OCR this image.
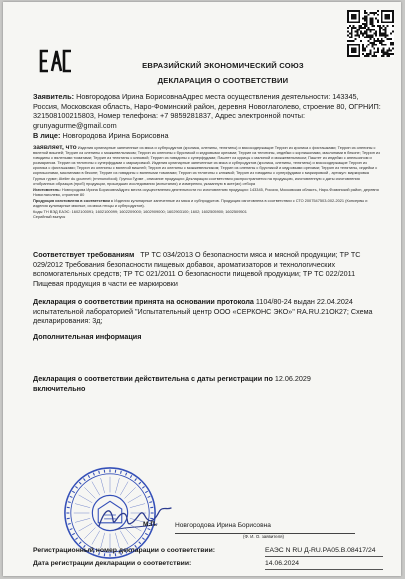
ЕВРАЗИЙСКИЙ ЭКОНОМИЧЕСКИЙ СОЮЗ
ДЕКЛАРАЦИЯ О СООТВЕТСТВИИ

Заявитель: Новгородова Ирина БорисовнаАдрес места осуществления деятельности: 143345, Россия, Московская область, Наро-Фоминский район, деревня Новоглаголево, строение 80, ОГРНИП: 321508100215803, Номер телефона: +7 9859281837, Адрес электронной почты:
grunyagurme@gmail.com

В лице: Новгородова Ирина Борисовна

заявляет, что Изделия кулинарные запеченные из мяса и субпродуктов (кролика, оленины, телятины) и мясосодержащие Террин из кролика с фисташками; Террин из оленины с вяленой вишней; Террин из оленины с можжевельником; Террин из оленины с брусникой и кедровыми орехами; Террин из телятины, индейки с корнишонами, маслинами в беконе; Террин из говядины с вялеными томатами; Террин из телятины с клюквой; Террин из говядины с суперфудами; Паштет из курицы с малиной и можжевельником; Паштет из индейки с апельсином и розмарином. Террин из телятины с суперфудами с маркировкой. Изделия кулинарные запеченные из мяса и субпродуктов (кролика, оленины, телятины) и мясосодержащие Террин из кролика с фисташками; Террин из оленины с вяленой вишней; Террин из оленины с можжевельником; Террин из оленины с брусникой и кедровыми орехами; Террин из телятины, индейки с корнишонами, маслинами в беконе; Террин из говядины с вялеными томатами; Террин из телятины с клюквой; Террин из говядины с суперфудами с маркировкой , артикул: маркировка Грунья гурме; Atelier du gourmet; (rmmunofood); Грунья Гурме , описание продукции: Декларация соответствия распространяется на продукцию, изготовленную с даты изготовления отобранных образцов (проб) продукции, прошедших исследования (испытания) и измерения, указанную в акте(ах) отбора

Изготовитель: Новгородова Ирина БорисовнаАдрес места осуществления деятельности по изготовлению продукции: 143345, Россия, Московская область, Наро-Фоминский район, деревня Новоглаголево, строение 80

Продукция изготовлена в соответствии с Изделия кулинарные запеченные из мяса и субпродуктов. Продукция изготовлена в соответствии с СТО 2007547503-002-2021 (Консервы и изделия кулинарные мясные, из мяса птицы и субпродуктов).

Коды ТН ВЭД ЕАЭС: 1602100091; 1602100099; 1602209000; 1602909000; 1602903100; 1602; 1602505900; 1602509501

Серийный выпуск

Соответствует требованиям ТР ТС 034/2013 О безопасности мяса и мясной продукции; ТР ТС 029/2012 Требования безопасности пищевых добавок, ароматизаторов и технологических вспомогательных средств; ТР ТС 021/2011 О безопасности пищевой продукции; ТР ТС 022/2011 Пищевая продукция в части ее маркировки

Декларация о соответствии принята на основании протокола 1104/80-24 выдан 22.04.2024 испытательной лабораторией "Испытательный центр ООО «СЕРКОНС ЭКО»" RA.RU.21ОК27; Схема декларирования: 3д;

Дополнительная информация

Декларация о соответствии действительна с даты регистрации по 12.06.2029
включительно

М.П.	Новгородова Ирина Борисовна
(Ф. И. О. заявителя)
Регистрационный номер декларации о соответствии:	ЕАЭС N RU Д-RU.РА05.В.08417/24
Дата регистрации декларации о соответствии:	14.06.2024
